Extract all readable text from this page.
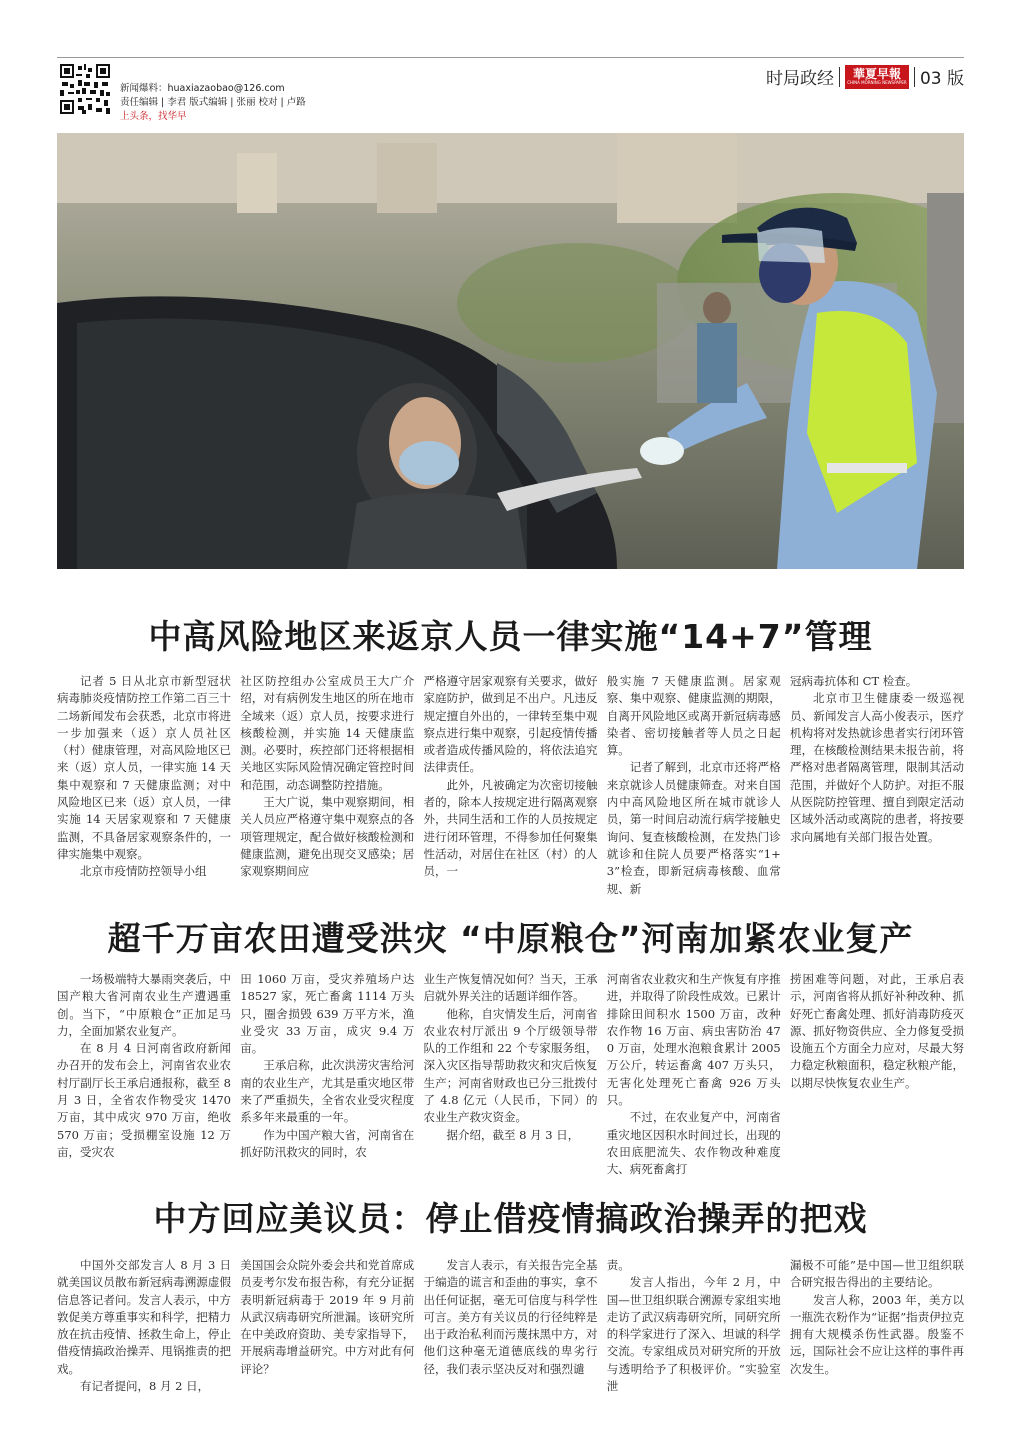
新闻爆料：huaxiazaobao@126.com
责任编辑 | 李君 版式编辑 | 张丽 校对 | 卢路
上头条，找华早
时局政经 華夏早報
CHINA MORNING NEWSPAPER 03 版
中高风险地区来返京人员一律实施“14+7”管理

记者 5 日从北京市新型冠状病毒肺炎疫情防控工作第二百三十二场新闻发布会获悉，北京市将进一步加强来（返）京人员社区（村）健康管理，对高风险地区已来（返）京人员，一律实施 14 天集中观察和 7 天健康监测；对中风险地区已来（返）京人员，一律实施 14 天居家观察和 7 天健康监测，不具备居家观察条件的，一律实施集中观察。

北京市疫情防控领导小组

社区防控组办公室成员王大广介绍，对有病例发生地区的所在地市全域来（返）京人员，按要求进行核酸检测，并实施 14 天健康监测。必要时，疾控部门还将根据相关地区实际风险情况确定管控时间和范围，动态调整防控措施。

王大广说，集中观察期间，相关人员应严格遵守集中观察点的各项管理规定，配合做好核酸检测和健康监测，避免出现交叉感染；居家观察期间应

严格遵守居家观察有关要求，做好家庭防护，做到足不出户。凡违反规定擅自外出的，一律转至集中观察点进行集中观察，引起疫情传播或者造成传播风险的，将依法追究法律责任。

此外，凡被确定为次密切接触者的，除本人按规定进行隔离观察外，共同生活和工作的人员按规定进行闭环管理，不得参加任何聚集性活动，对居住在社区（村）的人员，一

般实施 7 天健康监测。居家观察、集中观察、健康监测的期限，自离开风险地区或离开新冠病毒感染者、密切接触者等人员之日起算。

记者了解到，北京市还将严格来京就诊人员健康筛查。对来自国内中高风险地区所在城市就诊人员，第一时间启动流行病学接触史询问、复查核酸检测，在发热门诊就诊和住院人员要严格落实“1+3”检查，即新冠病毒核酸、血常规、新

冠病毒抗体和 CT 检查。

北京市卫生健康委一级巡视员、新闻发言人高小俊表示，医疗机构将对发热就诊患者实行闭环管理，在核酸检测结果未报告前，将严格对患者隔离管理，限制其活动范围，并做好个人防护。对拒不服从医院防控管理、擅自到限定活动区域外活动或离院的患者，将按要求向属地有关部门报告处置。

超千万亩农田遭受洪灾 “中原粮仓”河南加紧农业复产

一场极端特大暴雨突袭后，中国产粮大省河南农业生产遭遇重创。当下，“中原粮仓”正加足马力，全面加紧农业复产。

在 8 月 4 日河南省政府新闻办召开的发布会上，河南省农业农村厅副厅长王承启通报称，截至 8 月 3 日，全省农作物受灾 1470 万亩，其中成灾 970 万亩，绝收 570 万亩；受损棚室设施 12 万亩，受灾农

田 1060 万亩，受灾养殖场户达 18527 家，死亡畜禽 1114 万头只，圈舍损毁 639 万平方米，渔业受灾 33 万亩，成灾 9.4 万亩。

王承启称，此次洪涝灾害给河南的农业生产，尤其是重灾地区带来了严重损失，全省农业受灾程度系多年来最重的一年。

作为中国产粮大省，河南省在抓好防汛救灾的同时，农

业生产恢复情况如何？当天，王承启就外界关注的话题详细作答。

他称，自灾情发生后，河南省农业农村厅派出 9 个厅级领导带队的工作组和 22 个专家服务组，深入灾区指导帮助救灾和灾后恢复生产；河南省财政也已分三批拨付了 4.8 亿元（人民币，下同）的农业生产救灾资金。

据介绍，截至 8 月 3 日，

河南省农业救灾和生产恢复有序推进，并取得了阶段性成效。已累计排除田间积水 1500 万亩，改种农作物 16 万亩、病虫害防治 470 万亩，处理水泡粮食累计 2005 万公斤，转运畜禽 407 万头只，无害化处理死亡畜禽 926 万头只。

不过，在农业复产中，河南省重灾地区因积水时间过长，出现的农田底肥流失、农作物改种难度大、病死畜禽打

捞困难等问题，对此，王承启表示，河南省将从抓好补种改种、抓好死亡畜禽处理、抓好消毒防疫灭源、抓好物资供应、全力修复受损设施五个方面全力应对，尽最大努力稳定秋粮面积，稳定秋粮产能，以期尽快恢复农业生产。

中方回应美议员：停止借疫情搞政治操弄的把戏

中国外交部发言人 8 月 3 日就美国议员散布新冠病毒溯源虚假信息答记者问。发言人表示，中方敦促美方尊重事实和科学，把精力放在抗击疫情、拯救生命上，停止借疫情搞政治操弄、甩锅推责的把戏。

有记者提问，8 月 2 日，

美国国会众院外委会共和党首席成员麦考尔发布报告称，有充分证据表明新冠病毒于 2019 年 9 月前从武汉病毒研究所泄漏。该研究所在中美政府资助、美专家指导下，开展病毒增益研究。中方对此有何评论？

发言人表示，有关报告完全基于编造的谎言和歪曲的事实，拿不出任何证据，毫无可信度与科学性可言。美方有关议员的行径纯粹是出于政治私利而污蔑抹黑中方，对他们这种毫无道德底线的卑劣行径，我们表示坚决反对和强烈谴

责。

发言人指出，今年 2 月，中国—世卫组织联合溯源专家组实地走访了武汉病毒研究所，同研究所的科学家进行了深入、坦诚的科学交流。专家组成员对研究所的开放与透明给予了积极评价。“实验室泄

漏极不可能”是中国—世卫组织联合研究报告得出的主要结论。

发言人称，2003 年，美方以一瓶洗衣粉作为“证据”指责伊拉克拥有大规模杀伤性武器。殷鉴不远，国际社会不应让这样的事件再次发生。
